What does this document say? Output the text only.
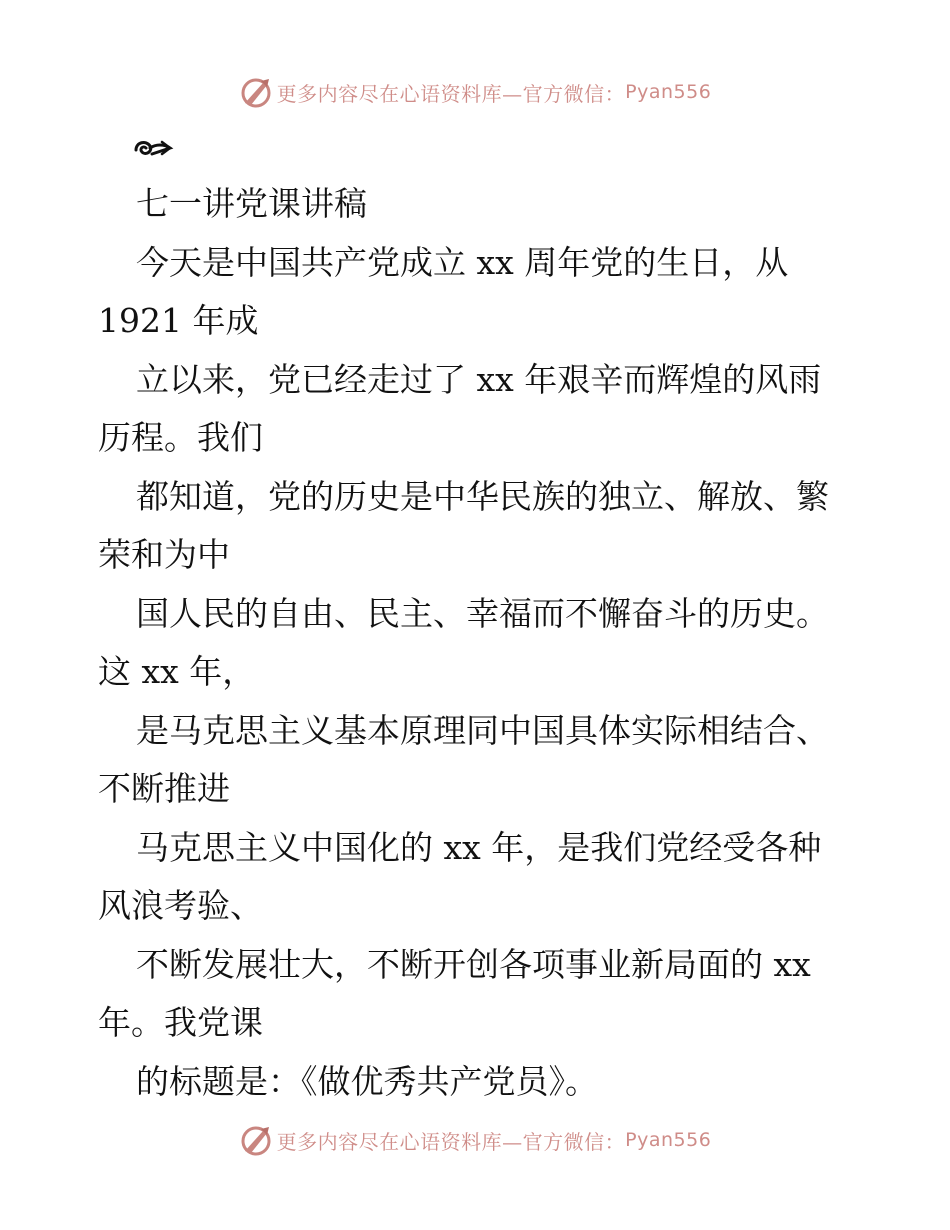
更多内容尽在心语资料库—官方微信： Pyan556
七一讲党课讲稿
今天是中国共产党成立 xx 周年党的生日，从
1921 年成
立以来，党已经走过了 xx 年艰辛而辉煌的风雨
历程。我们
都知道，党的历史是中华民族的独立、解放、繁
荣和为中
国人民的自由、民主、幸福而不懈奋斗的历史。
这 xx 年，
是马克思主义基本原理同中国具体实际相结合、
不断推进
马克思主义中国化的 xx 年，是我们党经受各种
风浪考验、
不断发展壮大，不断开创各项事业新局面的 xx
年。我党课
的标题是：《做优秀共产党员》。
更多内容尽在心语资料库—官方微信： Pyan556
